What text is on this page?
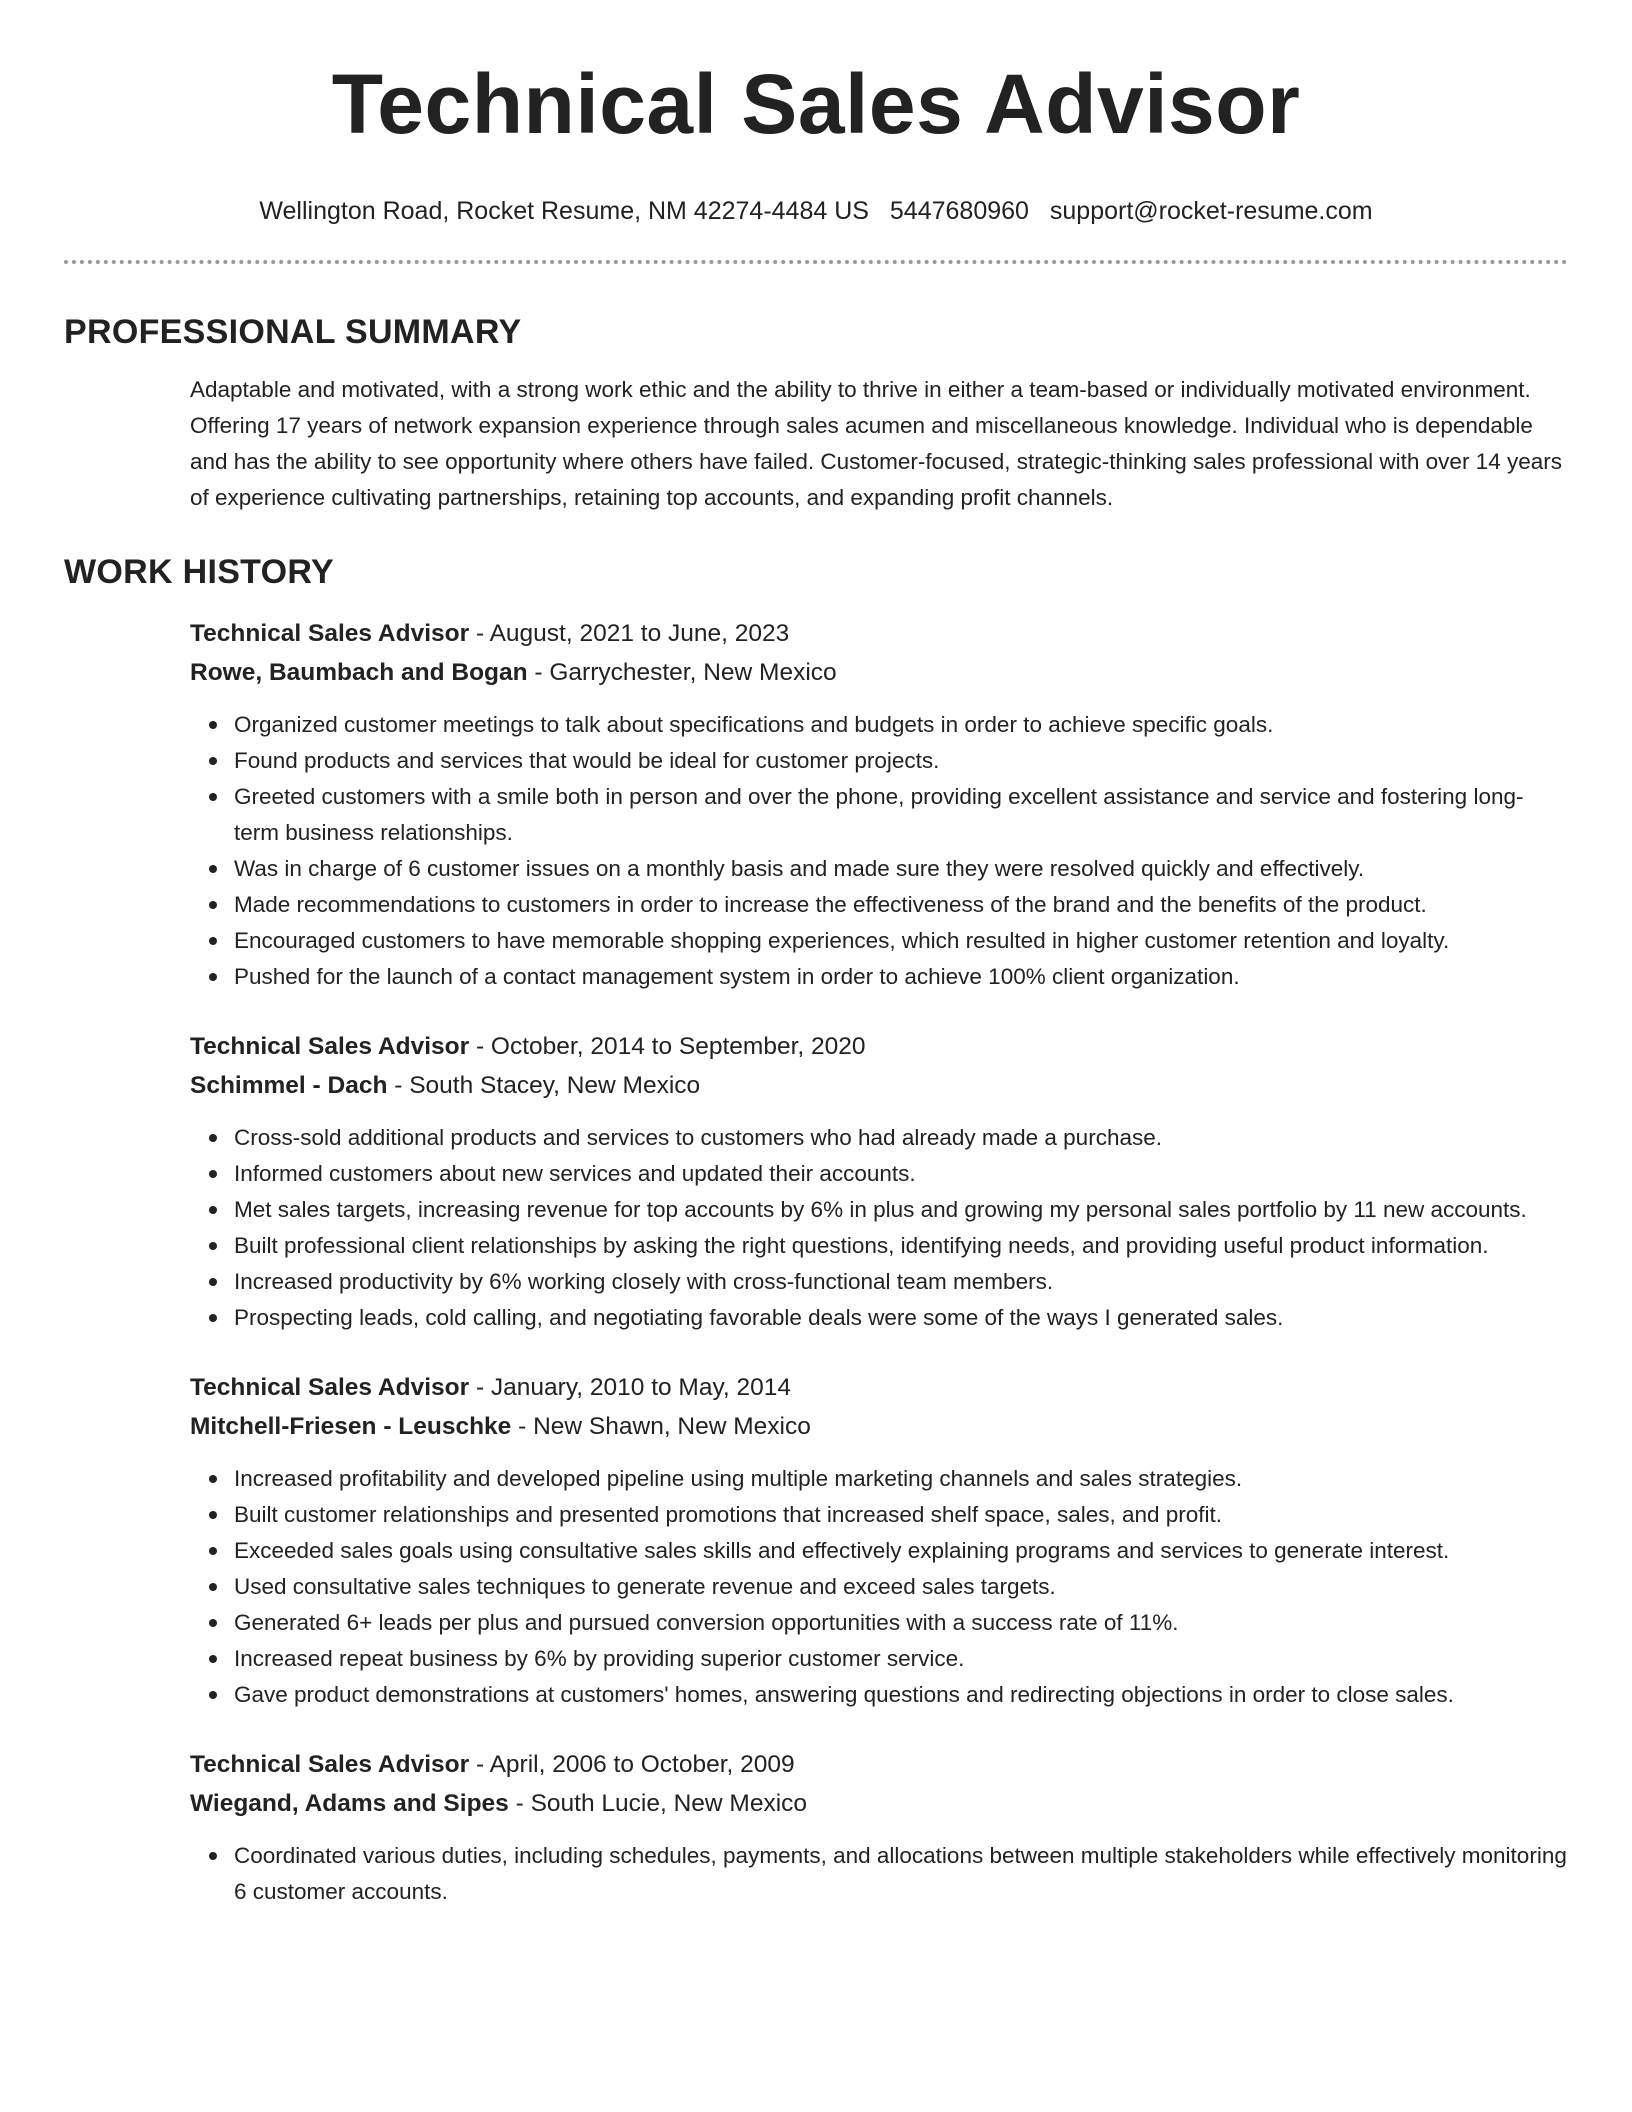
Technical Sales Advisor
Wellington Road, Rocket Resume, NM 42274-4484 US 5447680960 support@rocket-resume.com
PROFESSIONAL SUMMARY

Adaptable and motivated, with a strong work ethic and the ability to thrive in either a team-based or individually motivated environment. Offering 17 years of network expansion experience through sales acumen and miscellaneous knowledge. Individual who is dependable and has the ability to see opportunity where others have failed. Customer-focused, strategic-thinking sales professional with over 14 years of experience cultivating partnerships, retaining top accounts, and expanding profit channels.

WORK HISTORY
Technical Sales Advisor - August, 2021 to June, 2023
Rowe, Baumbach and Bogan - Garrychester, New Mexico
Organized customer meetings to talk about specifications and budgets in order to achieve specific goals.
Found products and services that would be ideal for customer projects.
Greeted customers with a smile both in person and over the phone, providing excellent assistance and service and fostering long-term business relationships.
Was in charge of 6 customer issues on a monthly basis and made sure they were resolved quickly and effectively.
Made recommendations to customers in order to increase the effectiveness of the brand and the benefits of the product.
Encouraged customers to have memorable shopping experiences, which resulted in higher customer retention and loyalty.
Pushed for the launch of a contact management system in order to achieve 100% client organization.
Technical Sales Advisor - October, 2014 to September, 2020
Schimmel - Dach - South Stacey, New Mexico
Cross-sold additional products and services to customers who had already made a purchase.
Informed customers about new services and updated their accounts.
Met sales targets, increasing revenue for top accounts by 6% in plus and growing my personal sales portfolio by 11 new accounts.
Built professional client relationships by asking the right questions, identifying needs, and providing useful product information.
Increased productivity by 6% working closely with cross-functional team members.
Prospecting leads, cold calling, and negotiating favorable deals were some of the ways I generated sales.
Technical Sales Advisor - January, 2010 to May, 2014
Mitchell-Friesen - Leuschke - New Shawn, New Mexico
Increased profitability and developed pipeline using multiple marketing channels and sales strategies.
Built customer relationships and presented promotions that increased shelf space, sales, and profit.
Exceeded sales goals using consultative sales skills and effectively explaining programs and services to generate interest.
Used consultative sales techniques to generate revenue and exceed sales targets.
Generated 6+ leads per plus and pursued conversion opportunities with a success rate of 11%.
Increased repeat business by 6% by providing superior customer service.
Gave product demonstrations at customers' homes, answering questions and redirecting objections in order to close sales.
Technical Sales Advisor - April, 2006 to October, 2009
Wiegand, Adams and Sipes - South Lucie, New Mexico
Coordinated various duties, including schedules, payments, and allocations between multiple stakeholders while effectively monitoring 6 customer accounts.
